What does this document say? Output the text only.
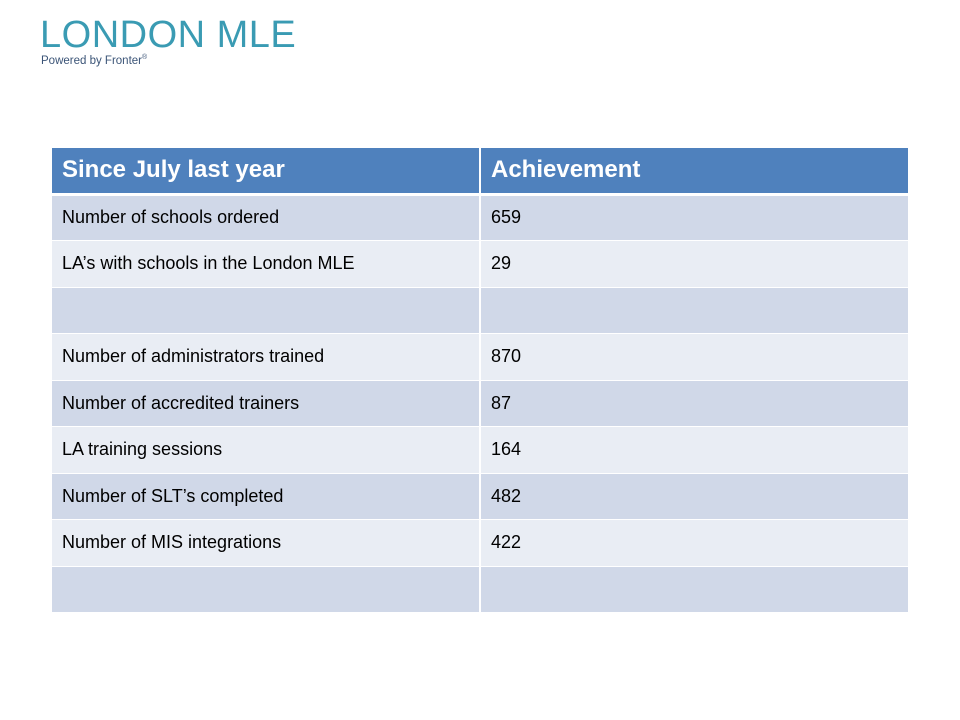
LONDON MLE
Powered by Fronter®
Since July last year	Achievement
Number of schools ordered	659
LA’s with schools in the London MLE	29

Number of administrators trained	870
Number of accredited trainers	87
LA training sessions	164
Number of SLT’s completed	482
Number of MIS integrations	422
